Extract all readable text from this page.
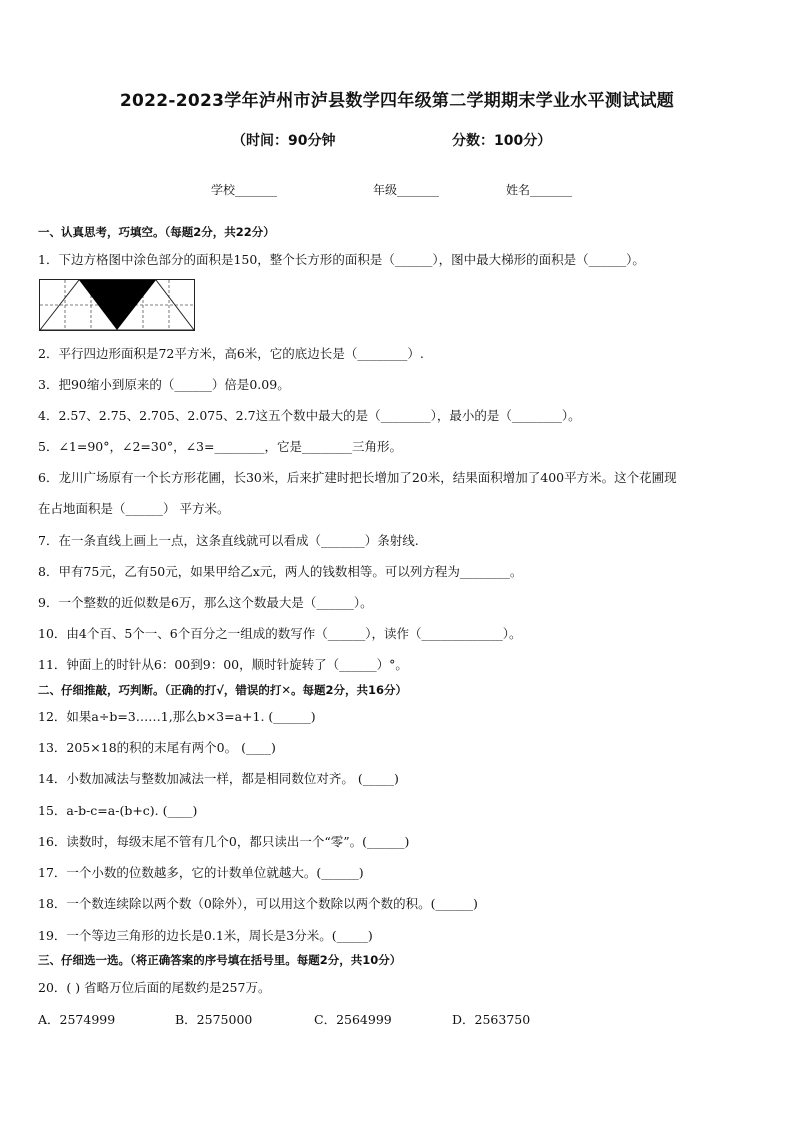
2022-2023学年泸州市泸县数学四年级第二学期期末学业水平测试试题
（时间：90分钟	分数：100分）
学校_______	年级_______	姓名_______
一、认真思考，巧填空。（每题2分，共22分）
1．下边方格图中涂色部分的面积是150，整个长方形的面积是（______），图中最大梯形的面积是（______）。
2．平行四边形面积是72平方米，高6米，它的底边长是（________）.
3．把90缩小到原来的（______）倍是0.09。
4．2.57、2.75、2.705、2.075、2.7这五个数中最大的是（________），最小的是（________）。
5．∠1=90°，∠2=30°，∠3=________，它是________三角形。
6．龙川广场原有一个长方形花圃，长30米，后来扩建时把长增加了20米，结果面积增加了400平方米。这个花圃现
在占地面积是（______） 平方米。
7．在一条直线上画上一点，这条直线就可以看成（_______）条射线.
8．甲有75元，乙有50元，如果甲给乙x元，两人的钱数相等。可以列方程为________。
9．一个整数的近似数是6万，那么这个数最大是（______）。
10．由4个百、5个一、6个百分之一组成的数写作（______），读作（_____________）。
11．钟面上的时针从6：00到9：00，顺时针旋转了（______）°。
二、仔细推敲，巧判断。（正确的打√，错误的打✕。每题2分，共16分）
12．如果a÷b=3……1,那么b×3=a+1. (______)
13．205×18的积的末尾有两个0。 (____)
14．小数加减法与整数加减法一样，都是相同数位对齐。 (_____)
15．a-b-c=a-(b+c). (____)
16．读数时，每级末尾不管有几个0，都只读出一个“零”。(______)
17．一个小数的位数越多，它的计数单位就越大。(______)
18．一个数连续除以两个数（0除外），可以用这个数除以两个数的积。(______)
19．一个等边三角形的边长是0.1米，周长是3分米。(_____)
三、仔细选一选。（将正确答案的序号填在括号里。每题2分，共10分）
20．( ) 省略万位后面的尾数约是257万。
A．2574999	B．2575000	C．2564999	D．2563750
